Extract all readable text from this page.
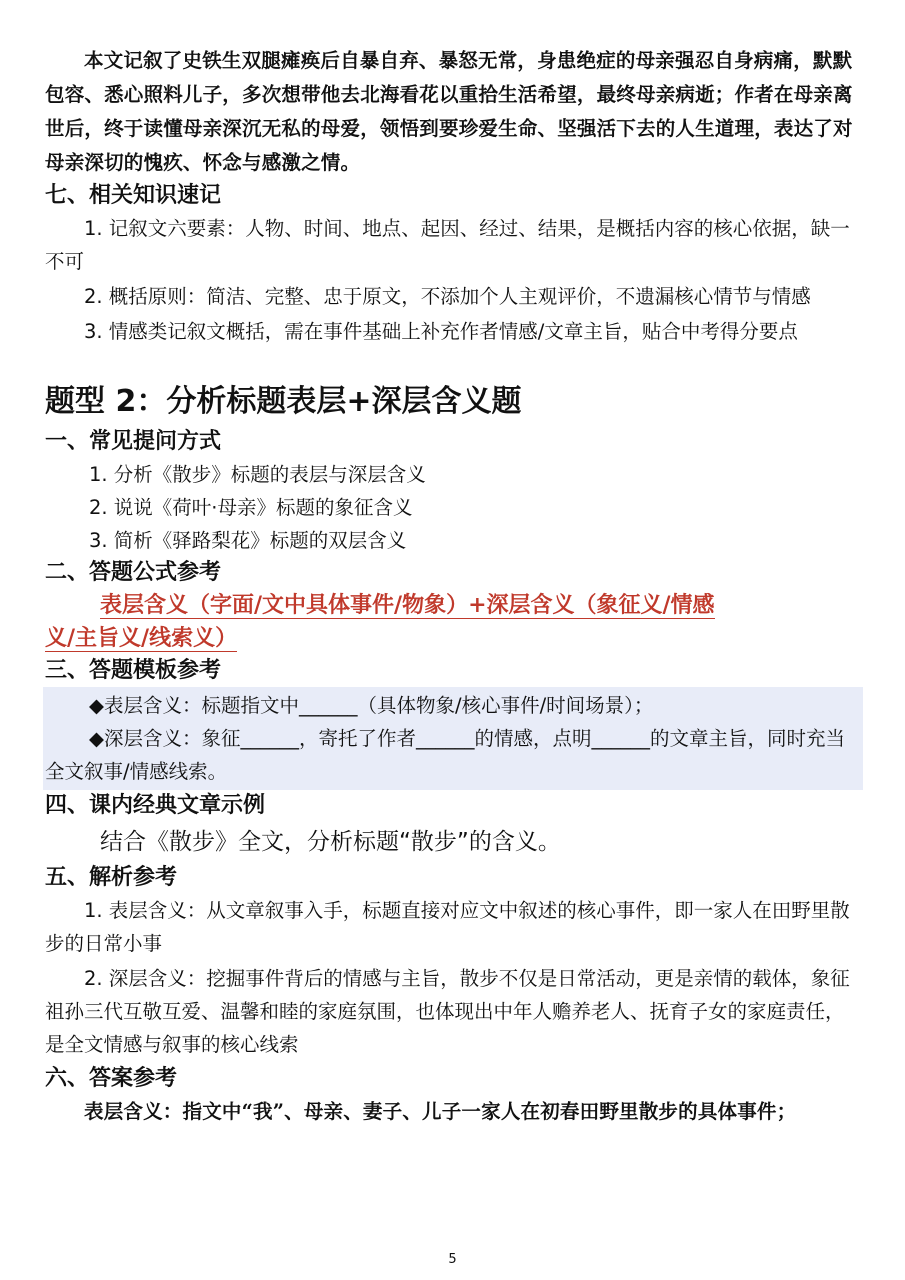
本文记叙了史铁生双腿瘫痪后自暴自弃、暴怒无常，身患绝症的母亲强忍自身病痛，默默包容、悉心照料儿子，多次想带他去北海看花以重拾生活希望，最终母亲病逝；作者在母亲离世后，终于读懂母亲深沉无私的母爱，领悟到要珍爱生命、坚强活下去的人生道理，表达了对母亲深切的愧疚、怀念与感激之情。

七、相关知识速记

1. 记叙文六要素：人物、时间、地点、起因、经过、结果，是概括内容的核心依据，缺一不可

2. 概括原则：简洁、完整、忠于原文，不添加个人主观评价，不遗漏核心情节与情感

3. 情感类记叙文概括，需在事件基础上补充作者情感/文章主旨，贴合中考得分要点

题型 2：分析标题表层+深层含义题
一、常见提问方式

1. 分析《散步》标题的表层与深层含义

2. 说说《荷叶·母亲》标题的象征含义

3. 简析《驿路梨花》标题的双层含义

二、答题公式参考

表层含义（字面/文中具体事件/物象）+深层含义（象征义/情感

义/主旨义/线索义）

三、答题模板参考

◆表层含义：标题指文中______（具体物象/核心事件/时间场景）；

◆深层含义：象征______，寄托了作者______的情感，点明______的文章主旨，同时充当全文叙事/情感线索。

四、课内经典文章示例

结合《散步》全文，分析标题“散步”的含义。

五、解析参考

1. 表层含义：从文章叙事入手，标题直接对应文中叙述的核心事件，即一家人在田野里散步的日常小事

2. 深层含义：挖掘事件背后的情感与主旨，散步不仅是日常活动，更是亲情的载体，象征祖孙三代互敬互爱、温馨和睦的家庭氛围，也体现出中年人赡养老人、抚育子女的家庭责任，是全文情感与叙事的核心线索

六、答案参考

表层含义：指文中“我”、母亲、妻子、儿子一家人在初春田野里散步的具体事件；

5
